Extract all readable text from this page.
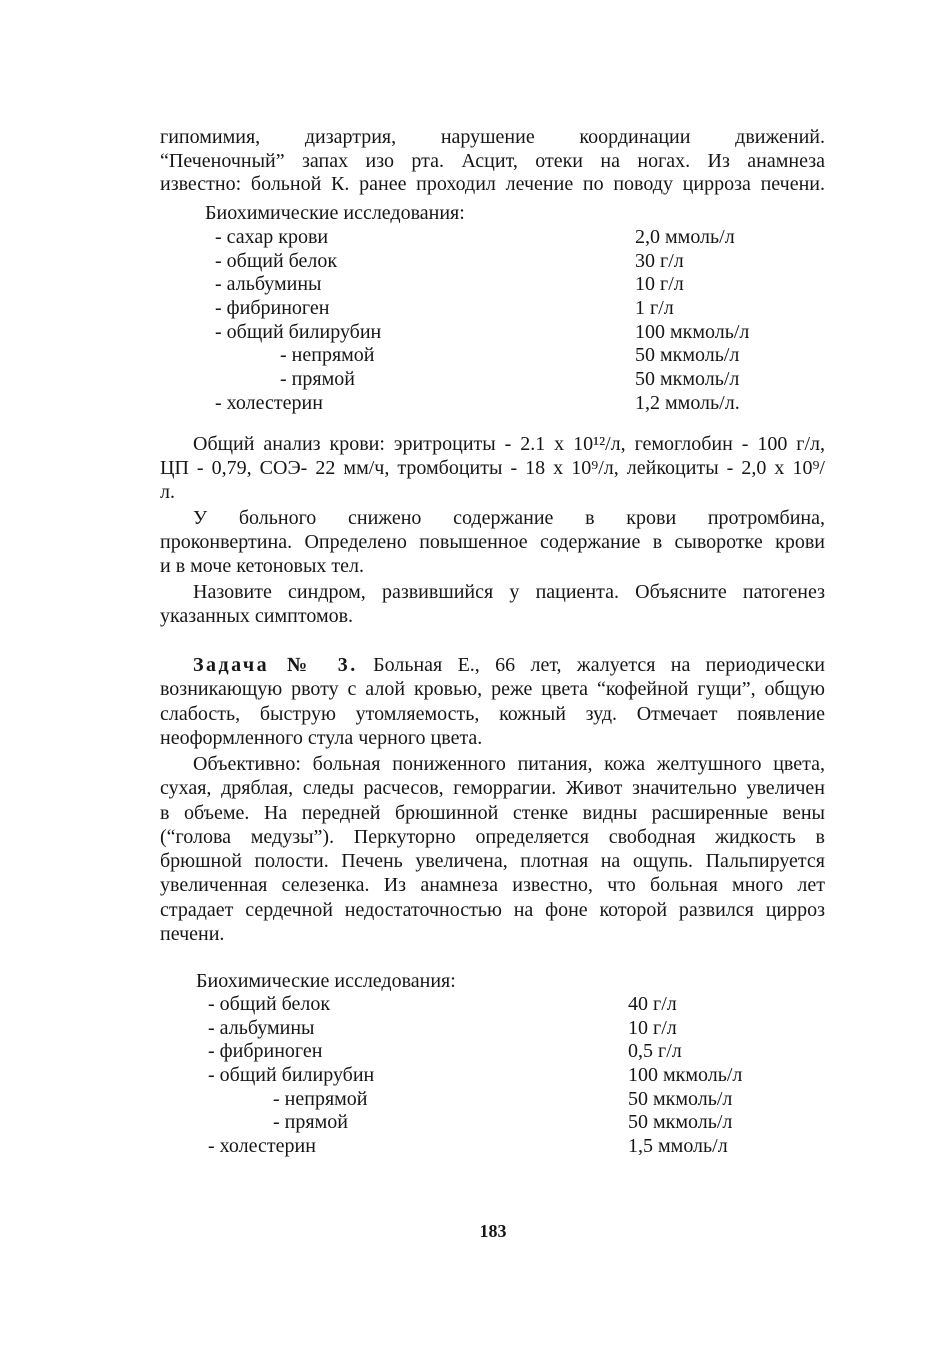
гипомимия, дизартрия, нарушение координации движений.
“Печеночный” запах изо рта. Асцит, отеки на ногах. Из анамнеза
известно: больной К. ранее проходил лечение по поводу цирроза печени.
Биохимические исследования:
- сахар крови	2,0 ммоль/л
- общий белок	30 г/л
- альбумины	10 г/л
- фибриноген	1 г/л
- общий билирубин	100 мкмоль/л
- непрямой	50 мкмоль/л
- прямой	50 мкмоль/л
- холестерин	1,2 ммоль/л.
Общий анализ крови: эритроциты - 2.1 х 10¹²/л, гемоглобин - 100 г/л,
ЦП - 0,79, СОЭ- 22 мм/ч, тромбоциты - 18 х 10⁹/л, лейкоциты - 2,0 х 10⁹/
л.
У больного снижено содержание в крови протромбина,
проконвертина. Определено повышенное содержание в сыворотке крови
и в моче кетоновых тел.
Назовите синдром, развившийся у пациента. Объясните патогенез
указанных симптомов.
Задача № 3. Больная Е., 66 лет, жалуется на периодически
возникающую рвоту с алой кровью, реже цвета “кофейной гущи”, общую
слабость, быструю утомляемость, кожный зуд. Отмечает появление
неоформленного стула черного цвета.
Объективно: больная пониженного питания, кожа желтушного цвета,
сухая, дряблая, следы расчесов, геморрагии. Живот значительно увеличен
в объеме. На передней брюшинной стенке видны расширенные вены
(“голова медузы”). Перкуторно определяется свободная жидкость в
брюшной полости. Печень увеличена, плотная на ощупь. Пальпируется
увеличенная селезенка. Из анамнеза известно, что больная много лет
страдает сердечной недостаточностью на фоне которой развился цирроз
печени.
Биохимические исследования:
- общий белок	40 г/л
- альбумины	10 г/л
- фибриноген	0,5 г/л
- общий билирубин	100 мкмоль/л
- непрямой	50 мкмоль/л
- прямой	50 мкмоль/л
- холестерин	1,5 ммоль/л
183
